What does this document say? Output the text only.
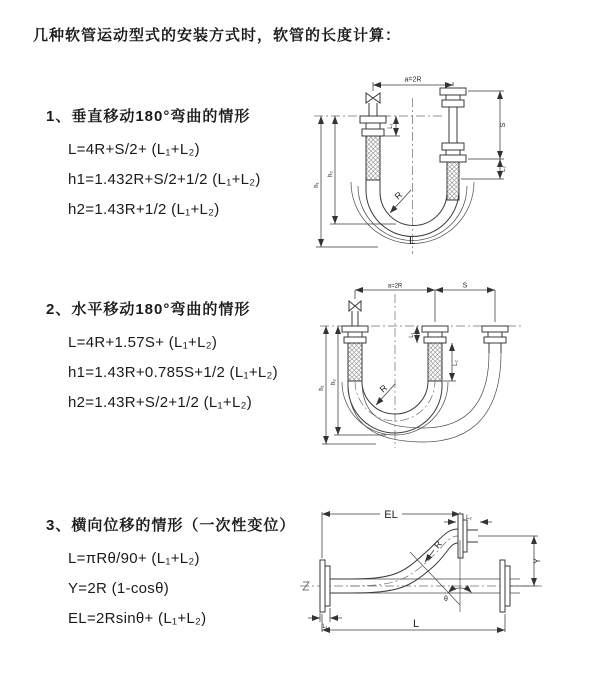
几种软管运动型式的安装方式时，软管的长度计算：
1、垂直移动180°弯曲的情形
L=4R+S/2+ (L₁+L₂)
h1=1.432R+S/2+1/2 (L₁+L₂)
h2=1.43R+1/2 (L₁+L₂)
a=2R
h₁
h₂
S
L₂
L₁
R
L
2、水平移动180°弯曲的情形
L=4R+1.57S+ (L₁+L₂)
h1=1.43R+0.785S+1/2 (L₁+L₂)
h2=1.43R+S/2+1/2 (L₁+L₂)
a=2R	S
h₁
h₂
L₁
L₂
R
3、横向位移的情形（一次性变位）
L=πRθ/90+ (L₁+L₂)
Y=2R (1-cosθ)
EL=2Rsinθ+ (L₁+L₂)
EL	L₂
Y
θ
R
L
L₁
